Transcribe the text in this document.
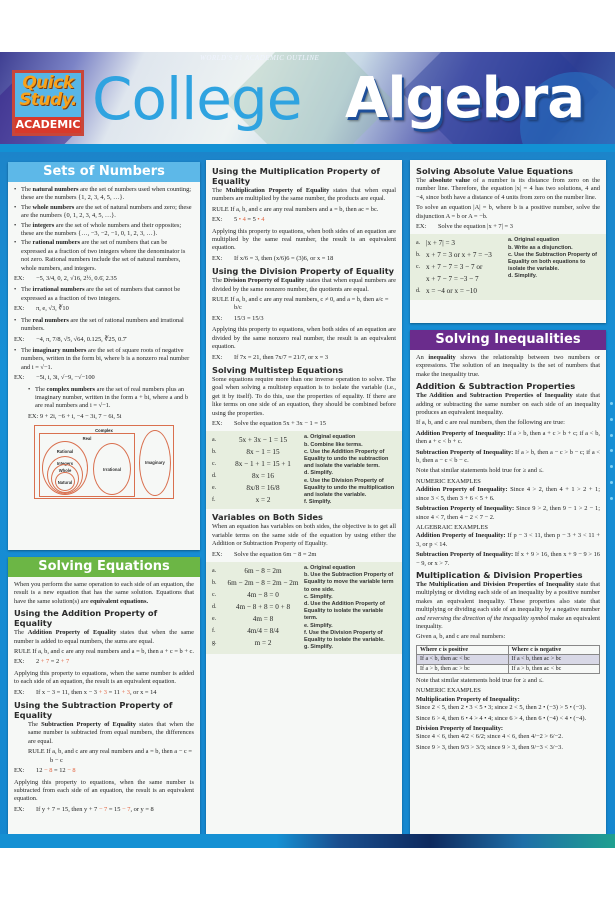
WORLD'S #1 ACADEMIC OUTLINE
Quick
Study.
ACADEMIC College Algebra
Sets of Numbers
• The natural numbers are the set of numbers used when counting; these are the numbers {1, 2, 3, 4, 5, …}.
• The whole numbers are the set of natural numbers and zero; these are the numbers {0, 1, 2, 3, 4, 5, …}.
• The integers are the set of whole numbers and their opposites; these are the numbers {…, −3, −2, −1, 0, 1, 2, 3, …}.
• The rational numbers are the set of numbers that can be expressed as a fraction of two integers where the denominator is not zero. Rational numbers include the set of natural numbers, whole numbers, and integers.
EX: −5, 3/4, 0, 2, √16, 2½, 0.6̄, 2.35
• The irrational numbers are the set of numbers that cannot be expressed as a fraction of two integers.
EX: π, e, √3, ∛10
• The real numbers are the set of rational numbers and irrational numbers.
EX: −4, π, 7/8, √5, √64, 0.125, ∛25, 0.7̄
• The imaginary numbers are the set of square roots of negative numbers, written in the form bi, where b is a nonzero real number and i = √−1.
EX: −5i, i, 3i, √−9, −√−100
• The complex numbers are the set of real numbers plus an imaginary number, written in the form a + bi, where a and b are real numbers and i = √−1.
EX: 9 + 2i, −6 + i, −4 − 3i, 7 − 6i, 5i
Complex
Real
Rational
Integers
Whole
Natural
Irrational
Imaginary
Solving Equations

When you perform the same operation to each side of an equation, the result is a new equation that has the same solution. Equations that have the same solution(s) are equivalent equations.

Using the Addition Property of Equality

The Addition Property of Equality states that when the same number is added to equal numbers, the sums are equal.

RULE If a, b, and c are any real numbers and a = b, then a + c = b + c.
EX: 2 + 7 = 2 + 7

Applying this property to equations, when the same number is added to each side of an equation, the result is an equivalent equation.

EX: If x − 3 = 11, then x − 3 + 3 = 11 + 3, or x = 14
Using the Subtraction Property of Equality

The Subtraction Property of Equality states that when the same number is subtracted from equal numbers, the differences are equal.

RULE If a, b, and c are any real numbers and a = b, then a − c = b − c
EX: 12 − 8 = 12 − 8

Applying this property to equations, when the same number is subtracted from each side of an equation, the result is an equivalent equation.

EX: If y + 7 = 15, then y + 7 − 7 = 15 − 7, or y = 8
Using the Multiplication Property of Equality

The Multiplication Property of Equality states that when equal numbers are multiplied by the same number, the products are equal.

RULE If a, b, and c are any real numbers and a = b, then ac = bc.
EX: 5 • 4 = 5 • 4

Applying this property to equations, when both sides of an equation are multiplied by the same real number, the result is an equivalent equation.

EX: If x/6 = 3, then (x/6)6 = (3)6, or x = 18
Using the Division Property of Equality

The Division Property of Equality states that when equal numbers are divided by the same nonzero number, the quotients are equal.

RULE If a, b, and c are any real numbers, c ≠ 0, and a = b, then a/c = b/c
EX: 15/3 = 15/3

Applying this property to equations, when both sides of an equation are divided by the same nonzero real number, the result is an equivalent equation.

EX: If 7x = 21, then 7x/7 = 21/7, or x = 3
Solving Multistep Equations

Some equations require more than one inverse operation to solve. The goal when solving a multistep equation is to isolate the variable (i.e., get it by itself). To do this, use the properties of equality. If there are like terms on one side of an equation, they should be combined before using the properties.

EX: Solve the equation 5x + 3x − 1 = 15
a.	5x + 3x − 1 = 15
b.	8x − 1 = 15
c.	8x − 1 + 1 = 15 + 1
d.	8x = 16
e.	8x/8 = 16/8
f.	x = 2
a. Original equation
b. Combine like terms.
c. Use the Addition Property of Equality to undo the subtraction and isolate the variable term.
d. Simplify.
e. Use the Division Property of Equality to undo the multiplication and isolate the variable.
f. Simplify.
Variables on Both Sides

When an equation has variables on both sides, the objective is to get all variable terms on the same side of the equation by using either the Addition or Subtraction Property of Equality.

EX: Solve the equation 6m − 8 = 2m
a.	6m − 8 = 2m
b.	6m − 2m − 8 = 2m − 2m
c.	4m − 8 = 0
d.	4m − 8 + 8 = 0 + 8
e.	4m = 8
f.	4m/4 = 8/4
g.	m = 2
a. Original equation
b. Use the Subtraction Property of Equality to move the variable term to one side.
c. Simplify.
d. Use the Addition Property of Equality to isolate the variable term.
e. Simplify.
f. Use the Division Property of Equality to isolate the variable.
g. Simplify.
Solving Absolute Value Equations

The absolute value of a number is its distance from zero on the number line. Therefore, the equation |x| = 4 has two solutions, 4 and −4, since both have a distance of 4 units from zero on the number line.

To solve an equation |A| = b, where b is a positive number, solve the disjunction A = b or A = −b.

EX: Solve the equation |x + 7| = 3
a. |x + 7| = 3
b. x + 7 = 3 or x + 7 = −3
c. x + 7 − 7 = 3 − 7 or
x + 7 − 7 = −3 − 7
d. x = −4 or x = −10
a. Original equation
b. Write as a disjunction.
c. Use the Subtraction Property of Equality on both equations to isolate the variable.
d. Simplify.
Solving Inequalities

An inequality shows the relationship between two numbers or expressions. The solution of an inequality is the set of numbers that make the inequality true.

Addition & Subtraction Properties

The Addition and Subtraction Properties of Inequality state that adding or subtracting the same number on each side of an inequality produces an equivalent inequality.

If a, b, and c are real numbers, then the following are true:

Addition Property of Inequality: If a > b, then a + c > b + c; if a < b, then a + c < b + c.

Subtraction Property of Inequality: If a > b, then a − c > b − c; if a < b, then a − c < b − c.

Note that similar statements hold true for ≥ and ≤.

NUMERIC EXAMPLES

Addition Property of Inequality: Since 4 > 2, then 4 + 1 > 2 + 1; since 3 < 5, then 3 + 6 < 5 + 6.

Subtraction Property of Inequality: Since 9 > 2, then 9 − 1 > 2 − 1; since 4 < 7, then 4 − 2 < 7 − 2.

ALGEBRAIC EXAMPLES

Addition Property of Inequality: If p − 3 < 11, then p − 3 + 3 < 11 + 3, or p < 14.

Subtraction Property of Inequality: If x + 9 > 16, then x + 9 − 9 > 16 − 9, or x > 7.

Multiplication & Division Properties

The Multiplication and Division Properties of Inequality state that multiplying or dividing each side of an inequality by a positive number makes an equivalent inequality. These properties also state that multiplying or dividing each side of an inequality by a negative number and reversing the direction of the inequality symbol make an equivalent inequality.

Given a, b, and c are real numbers:

Where c is positive	Where c is negative
If a < b, then ac < bc	If a < b, then ac > bc
If a > b, then ac > bc	If a > b, then ac < bc

Note that similar statements hold true for ≥ and ≤.

NUMERIC EXAMPLES
Multiplication Property of Inequality:

Since 2 < 5, then 2 • 3 < 5 • 3; since 2 < 5, then 2 • (−3) > 5 • (−3).

Since 6 > 4, then 6 • 4 > 4 • 4; since 6 > 4, then 6 • (−4) < 4 • (−4).

Division Property of Inequality:

Since 4 < 6, then 4/2 < 6/2; since 4 < 6, then 4/−2 > 6/−2.

Since 9 > 3, then 9/3 > 3/3; since 9 > 3, then 9/−3 < 3/−3.
